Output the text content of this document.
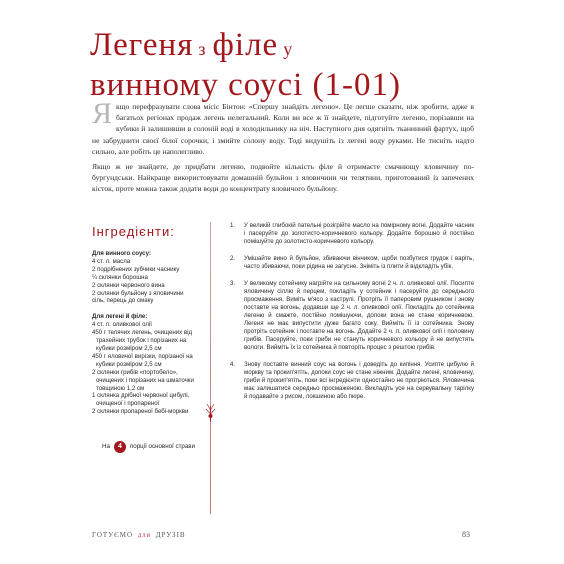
Легеня з філе у
винному соусі (1-01)

Якщо перефразувати слова місіс Бінтон: «Спершу знайдіть легеню». Це легше сказати, ніж зробити, адже в багатьох регіонах продаж легень нелегальний. Коли ви все ж її знайдете, підготуйте легеню, порізавши на кубики й залишивши в солоній воді в холодильнику на ніч. Наступного дня одягніть тканинний фартух, щоб не забруднити своєї білої сорочки, і змийте солону воду. Тоді видушіть із легені воду руками. Не тисніть надто сильно, але робіть це наполегливо.

Якщо ж не знайдете, де придбати легеню, подвойте кількість філе й отримаєте смачнющу яловичину по-бургундськи. Найкраще використовувати домашній бульйон з яловичини чи телятини, приготований із запечених кісток, проте можна також додати води до концентрату яловичого бульйону.

Інгредієнти:
Для винного соусу:
4 ст. л. масла
2 подрібнених зубчики часнику
¼ склянки борошна
2 склянки червоного вина
2 склянки бульйону з яловичини
сіль, перець до смаку
Для легені й філе:
4 ст. л. оливкової олії
450 г телячих легень, очищених від трахейних трубок і порізаних на кубики розміром 2,5 см
450 г яловичої вирізки, порізаної на кубики розміром 2,5 см
2 склянки грибів «портобело», очищених і порізаних на шматочки товщиною 1,2 см
1 склянка дрібної червоної цибулі, очищеної і пропареної
2 склянки пропареної бебі-моркви
1.	У великій глибокій пательні розігрійте масло на помірному вогні. Додайте часник і пасеруйте до золотисто-коричневого кольору. Додайте борошно й постійно помішуйте до золотисто-коричневого кольору.
2.	Умішайте вино й бульйон, збиваючи вінчиком, щоби позбутися грудок і варіть, часто збиваючи, поки рідина не загусне. Зніміть із плити й відкладіть убік.
3.	У великому сотейнику нагрійте на сильному вогні 2 ч. л. оливкової олії. Посипте яловичину сіллю й перцем, покладіть у сотейник і пасеруйте до середнього просмаження. Виміть м'ясо з каструлі. Протріть її паперовим рушником і знову поставте на вогонь, додавши ще 2 ч. л. оливкової олії. Покладіть до сотейника легеню й смажте, постійно помішуючи, допоки вона не стане коричневою. Легеня не має випустити дуже багато соку. Вийміть її із сотейника. Знову протріть сотейник і поставте на вогонь. Додайте 2 ч. л. оливкової олії і половину грибів. Пасеруйте, поки гриби не стануть коричневого кольору й не випустять вологи. Вийміть їх із сотейника й повторіть процес з рештою грибів.
4.	Знову поставте винний соус на вогонь і доведіть до кипіння. Усипте цибулю й моркву та прокип'ятіть, допоки соус не стане ніжним. Додайте легені, яловичину, гриби й прокип'ятіть, поки всі інгредієнти одностайно не прогріються. Яловичина має залишатися середньо просмаженою. Викладіть усе на сервувальну тарілку й подавайте з рисом, локшиною або пюре.
На	4	порції основної страви
ГОТУЄМО ДЛЯ ДРУЗІВ	83
